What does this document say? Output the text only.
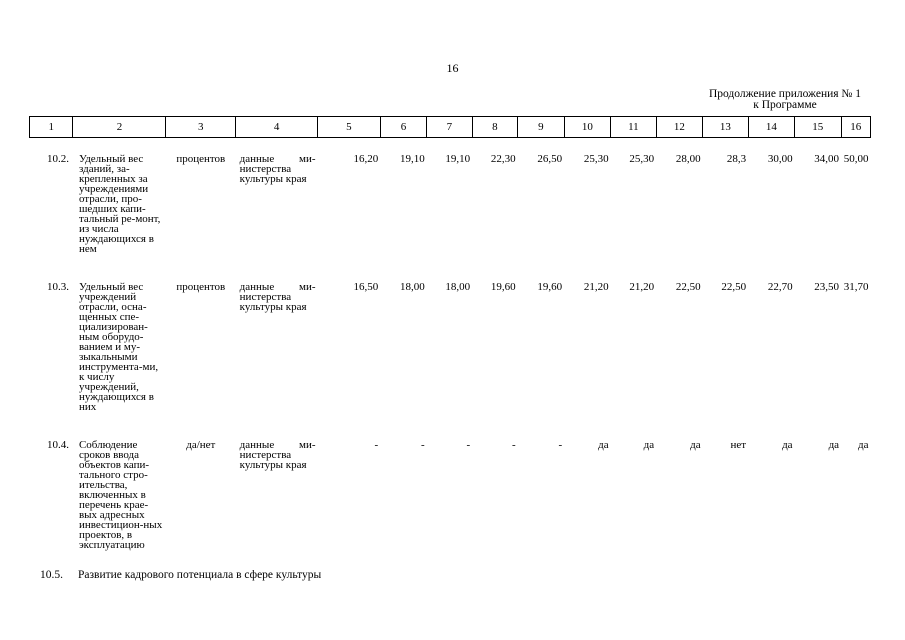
16
Продолжение приложения № 1
к Программе
1	2	3	4	5	6	7	8	9	10	11	12	13	14	15	16
10.2.	Удельный вес зданий, за-крепленных за учреждениями отрасли, про-шедших капи-тальный ре-монт, из числа нуждающихся в нем	процентов	данные ми-нистерства культуры края	16,20	19,10	19,10	22,30	26,50	25,30	25,30	28,00	28,3	30,00	34,00	50,00
10.3.	Удельный вес учреждений отрасли, осна-щенных спе-циализирован-ным оборудо-ванием и му-зыкальными инструмента-ми, к числу учреждений, нуждающихся в них	процентов	данные ми-нистерства культуры края	16,50	18,00	18,00	19,60	19,60	21,20	21,20	22,50	22,50	22,70	23,50	31,70
10.4.	Соблюдение сроков ввода объектов капи-тального стро-ительства, включенных в перечень крае-вых адресных инвестицион-ных проектов, в эксплуатацию	да/нет	данные ми-нистерства культуры края	-	-	-	-	-	да	да	да	нет	да	да	да
10.5. Развитие кадрового потенциала в сфере культуры
